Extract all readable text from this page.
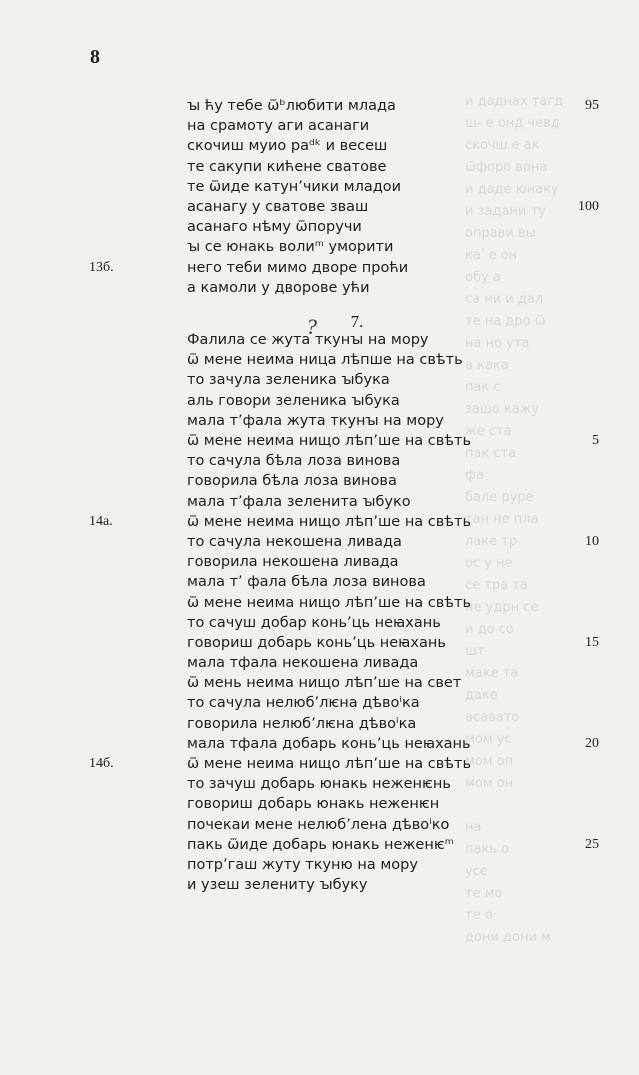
8
и даднах тагд
ш- е онд чевд
скочш е ак
ѿфоро вона
и даде юнаку
и задани ту
оправи вы
ка' е он
обу а
са ни и дал
те на дро ѿ
на но ута
а кака
пак с
зашо кажу
же ста
пак ста
фа
бале руре
тан не пла
лаке тр
ос у не
се тра та
не удрн се
и до со
шт
маке та
даке
асавато
мом ус
мом оп
мом он
на
пакь о
усе
те мо
те о
дони дони м
ꙑ ћу тебе ѿᵇлюбити млада
на срамоту аги асанаги
скочиш муио раᵈᵏ и весеш
те сакупи кићене сватове
те ѿиде катун’чики младои
асанагу у сватове зваш
асанаго нѣму ѿпоручи
ꙑ се юнакь волиᵐ уморити
него теби мимо дворе проћи
а камоли у дворове ући
Фалила се жута ткунꙑ на мору
ѿ мене неима ница лѣпше на свѣть
то зачула зеленика ꙑбука
аль говори зеленика ꙑбука
мала т’фала жута ткунꙑ на мору
ѿ мене неима нищо лѣп’ше на свѣть
то сачула бѣла лоза винова
говорила бѣла лоза винова
мала т’фала зеленита ꙑбуко
ѿ мене неима нищо лѣп’ше на свѣть
то сачула некошена ливада
говорила некошена ливада
мала т’ фала бѣла лоза винова
ѿ мене неима нищо лѣп’ше на свѣть
то сачуш добар конь’ць неꙗхань
говориш добарь конь’ць неꙗхань
мала тфала некошена ливада
ѿ мень неима нищо лѣп’ше на свет
то сачула нелюб’лѥна дѣвоⁱка
говорила нелюб’лѥна дѣвоⁱка
мала тфала добарь конь’ць неꙗхань
ѿ мене неима нищо лѣп’ше на свѣть
то зачуш добарь юнакь неженѥнь
говориш добарь юнакь неженѥн
почекаи мене нелюб’лена дѣвоⁱко
пакь ѿиде добарь юнакь неженѥᵐ
потр’гаш жуту ткуню на мору
и узеш зелениту ꙑбуку
7.
95
100
5
10
15
20
25
13б.
14а.
14б.
?
